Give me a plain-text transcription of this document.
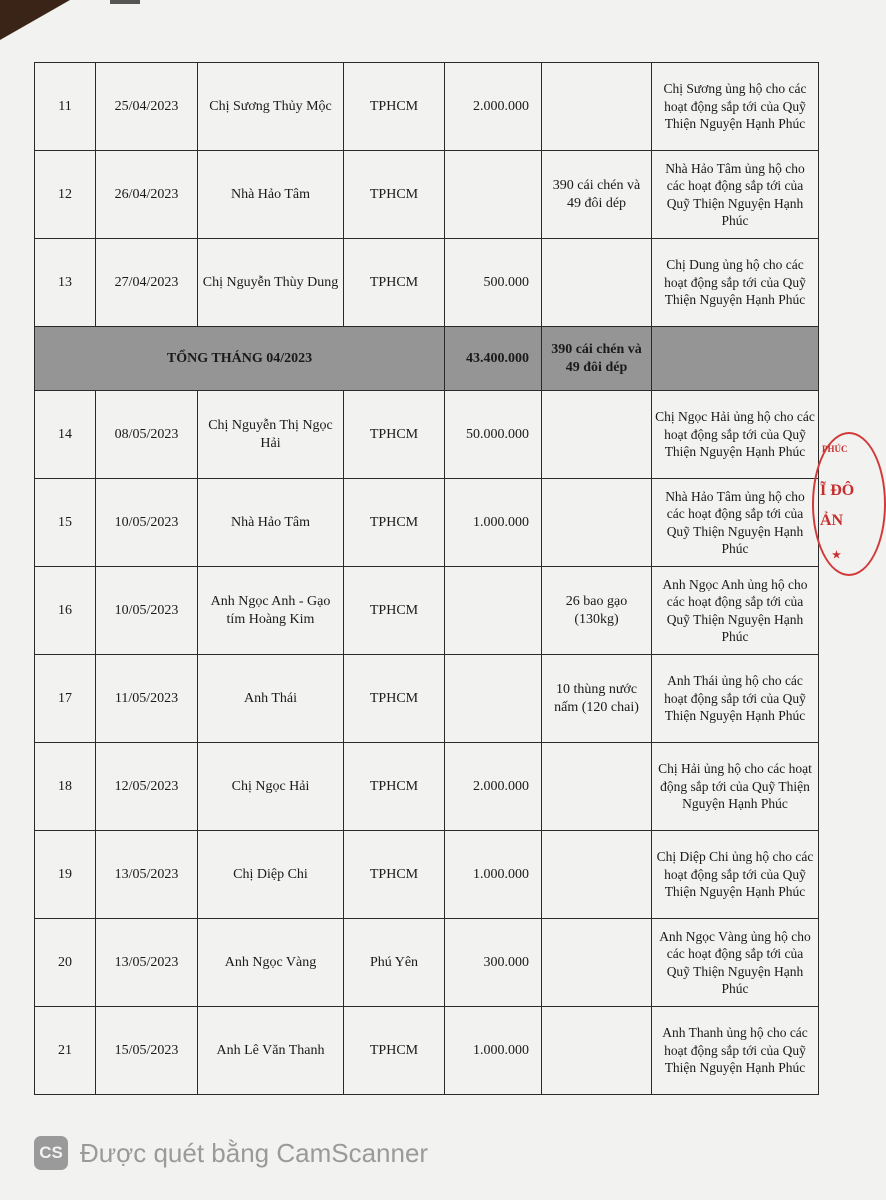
11	25/04/2023	Chị Sương Thủy Mộc	TPHCM	2.000.000		Chị Sương ủng hộ cho các hoạt động sắp tới của Quỹ Thiện Nguyện Hạnh Phúc
12	26/04/2023	Nhà Hảo Tâm	TPHCM		390 cái chén và 49 đôi dép	Nhà Hảo Tâm ủng hộ cho các hoạt động sắp tới của Quỹ Thiện Nguyện Hạnh Phúc
13	27/04/2023	Chị Nguyễn Thùy Dung	TPHCM	500.000		Chị Dung ủng hộ cho các hoạt động sắp tới của Quỹ Thiện Nguyện Hạnh Phúc
TỔNG THÁNG 04/2023				43.400.000	390 cái chén và 49 đôi dép	
14	08/05/2023	Chị Nguyễn Thị Ngọc Hải	TPHCM	50.000.000		Chị Ngọc Hải ủng hộ cho các hoạt động sắp tới của Quỹ Thiện Nguyện Hạnh Phúc
15	10/05/2023	Nhà Hảo Tâm	TPHCM	1.000.000		Nhà Hảo Tâm ủng hộ cho các hoạt động sắp tới của Quỹ Thiện Nguyện Hạnh Phúc
16	10/05/2023	Anh Ngọc Anh - Gạo tím Hoàng Kim	TPHCM		26 bao gạo (130kg)	Anh Ngọc Anh ủng hộ cho các hoạt động sắp tới của Quỹ Thiện Nguyện Hạnh Phúc
17	11/05/2023	Anh Thái	TPHCM		10 thùng nước nấm (120 chai)	Anh Thái ủng hộ cho các hoạt động sắp tới của Quỹ Thiện Nguyện Hạnh Phúc
18	12/05/2023	Chị Ngọc Hải	TPHCM	2.000.000		Chị Hải ủng hộ cho các hoạt động sắp tới của Quỹ Thiện Nguyện Hạnh Phúc
19	13/05/2023	Chị Diệp Chi	TPHCM	1.000.000		Chị Diệp Chi ủng hộ cho các hoạt động sắp tới của Quỹ Thiện Nguyện Hạnh Phúc
20	13/05/2023	Anh Ngọc Vàng	Phú Yên	300.000		Anh Ngọc Vàng ủng hộ cho các hoạt động sắp tới của Quỹ Thiện Nguyện Hạnh Phúc
21	15/05/2023	Anh Lê Văn Thanh	TPHCM	1.000.000		Anh Thanh ủng hộ cho các hoạt động sắp tới của Quỹ Thiện Nguyện Hạnh Phúc
PHÚC
Ĩ ĐÔ
ẢN
★
CS Được quét bằng CamScanner
